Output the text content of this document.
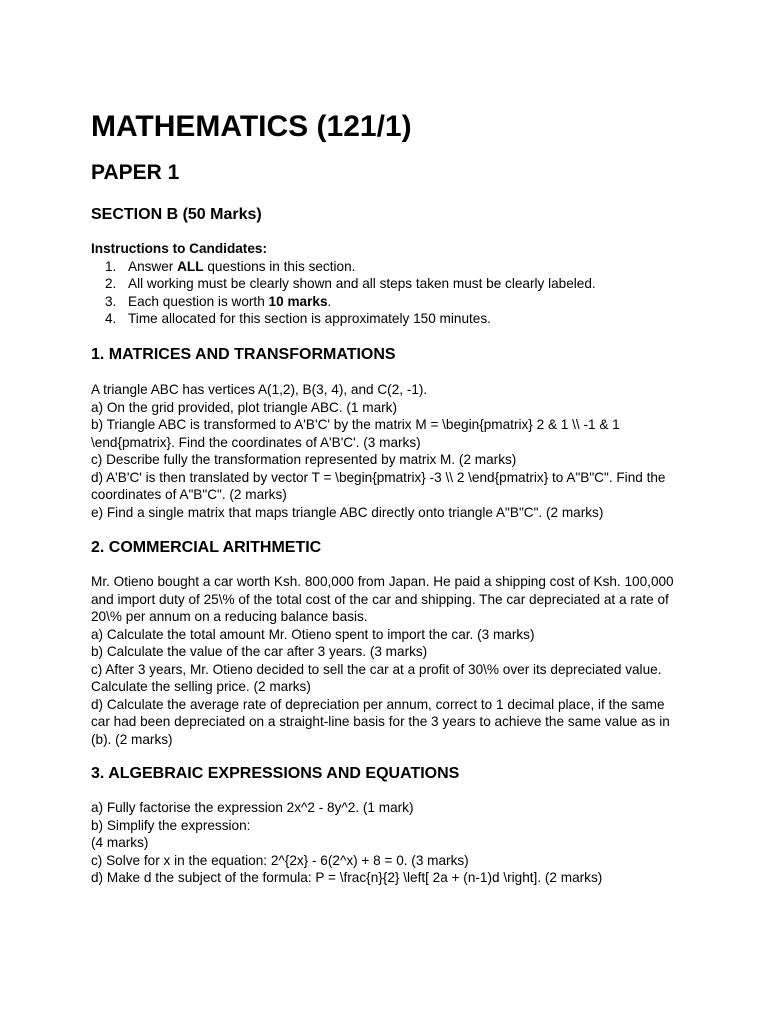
MATHEMATICS (121/1)
PAPER 1
SECTION B (50 Marks)
Instructions to Candidates:
1. Answer ALL questions in this section.
2. All working must be clearly shown and all steps taken must be clearly labeled.
3. Each question is worth 10 marks.
4. Time allocated for this section is approximately 150 minutes.
1. MATRICES AND TRANSFORMATIONS

A triangle ABC has vertices A(1,2), B(3, 4), and C(2, -1).

a) On the grid provided, plot triangle ABC. (1 mark)

b) Triangle ABC is transformed to A'B'C' by the matrix M = \begin{pmatrix} 2 & 1 \\ -1 & 1 \end{pmatrix}. Find the coordinates of A'B'C'. (3 marks)

c) Describe fully the transformation represented by matrix M. (2 marks)

d) A'B'C' is then translated by vector T = \begin{pmatrix} -3 \\ 2 \end{pmatrix} to A"B"C". Find the coordinates of A"B"C". (2 marks)

e) Find a single matrix that maps triangle ABC directly onto triangle A"B"C". (2 marks)

2. COMMERCIAL ARITHMETIC

Mr. Otieno bought a car worth Ksh. 800,000 from Japan. He paid a shipping cost of Ksh. 100,000 and import duty of 25\% of the total cost of the car and shipping. The car depreciated at a rate of 20\% per annum on a reducing balance basis.

a) Calculate the total amount Mr. Otieno spent to import the car. (3 marks)

b) Calculate the value of the car after 3 years. (3 marks)

c) After 3 years, Mr. Otieno decided to sell the car at a profit of 30\% over its depreciated value. Calculate the selling price. (2 marks)

d) Calculate the average rate of depreciation per annum, correct to 1 decimal place, if the same car had been depreciated on a straight-line basis for the 3 years to achieve the same value as in (b). (2 marks)

3. ALGEBRAIC EXPRESSIONS AND EQUATIONS

a) Fully factorise the expression 2x^2 - 8y^2. (1 mark)

b) Simplify the expression:

(4 marks)

c) Solve for x in the equation: 2^{2x} - 6(2^x) + 8 = 0. (3 marks)

d) Make d the subject of the formula: P = \frac{n}{2} \left[ 2a + (n-1)d \right]. (2 marks)
